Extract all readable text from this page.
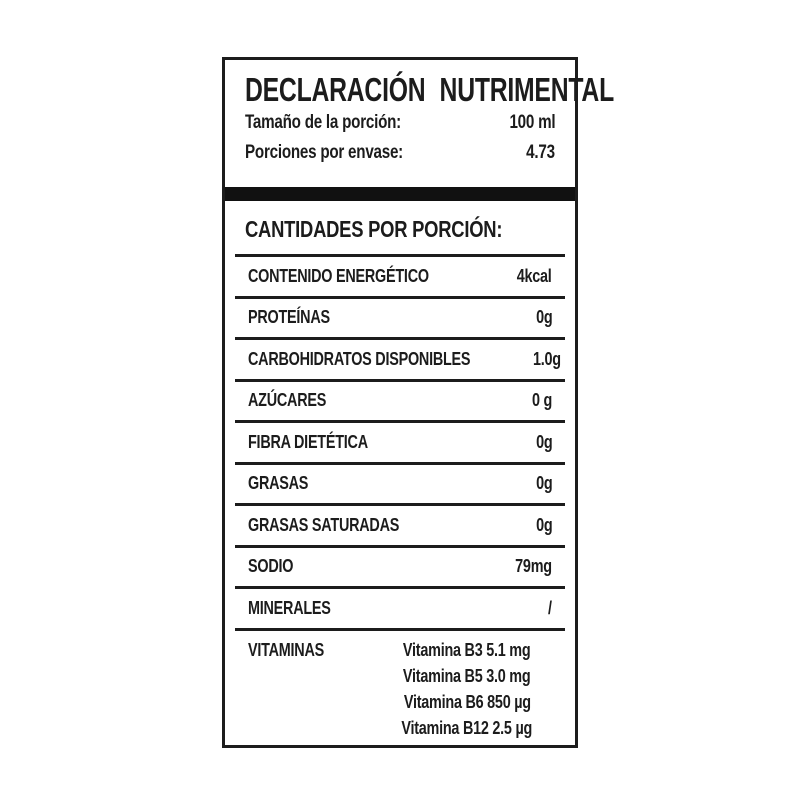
DECLARACIÓN NUTRIMENTAL
Tamaño de la porción:	100 ml
Porciones por envase:	4.73
CANTIDADES POR PORCIÓN:
CONTENIDO ENERGÉTICO	4kcal
PROTEÍNAS	0g
CARBOHIDRATOS DISPONIBLES	1.0g
AZÚCARES	0 g
FIBRA DIETÉTICA	0g
GRASAS	0g
GRASAS SATURADAS	0g
SODIO	79mg
MINERALES	/
VITAMINAS	Vitamina B3 5.1 mg
Vitamina B5 3.0 mg
Vitamina B6 850 µg
Vitamina B12 2.5 µg
